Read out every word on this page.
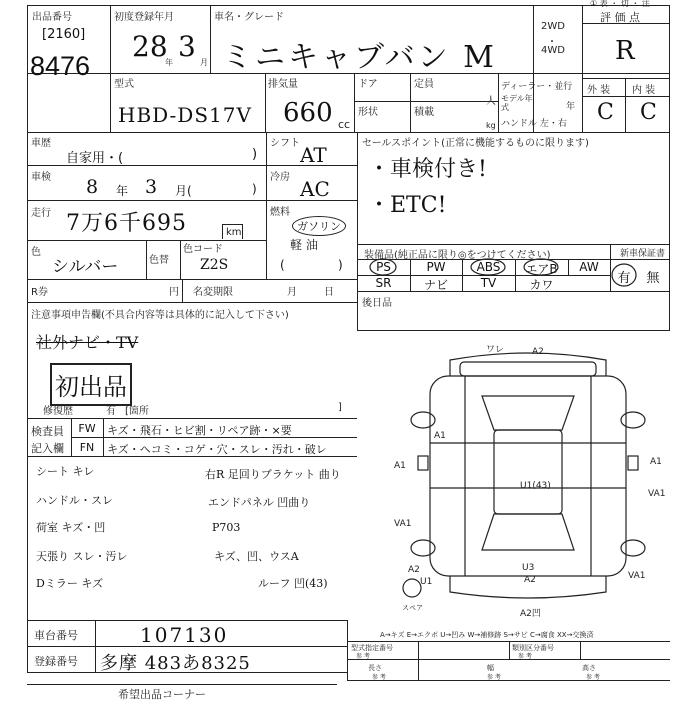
出品番号
[2160]
8476
初度登録年月
28
年 3 月
車名・グレード
ミニキャブバン M
2WD
・
4WD
① 表 ・ 切 ・ 注
評 価 点
R
外 装 内 装
C C
型式
HBD-DS17V
排気量
660 cc
ドア	定員
人
形状	積載
kg
ディーラー・並行
モデル年式	年
ハンドル 左・右
車歴
自家用・(	)
シフト AT
車検 8 年 3 月(	)
冷房 AC
走行 7万6千695	km
燃料
ガソリン
軽 油
(	)
色
シルバー	色替
色コード
Z2S
R券	円 名変期限	月	日
セールスポイント(正常に機能するものに限ります)
・車検付き!
・ETC!
装備品(純正品に限り◎をつけてください)	新車保証書
PS	PW	ABS	エアB	AW
SR	ナビ	TV	カワ	有	無
後日品
注意事項申告欄(不具合内容等は具体的に記入して下さい)
社外ナビ・TV
初出品
修復歴	有 [箇所	]
検査員
記入欄
FW	キズ・飛石・ヒビ割・リペア跡・×要
FN	キズ・ヘコミ・コゲ・穴・スレ・汚れ・破レ
シート キレ
ハンドル・スレ
荷室 キズ・凹
天張り スレ・汚レ
Dミラー キズ
右R 足回りブラケット 曲り
エンドパネル 凹曲り
P703
キズ、凹、ウスA
ルーフ 凹(43)
ワレ	A2
A1	A1
A1
VA1
VA1
U1(43)
A2	U3
A2
U1
VA1
A2凹
スペア
車台番号	107130
登録番号 多摩 483あ8325
A→キズ E→エクボ U→凹み W→補修跡 S→サビ C→腐食 XX→交換済
型式指定番号
参 考
類別区分番号
参 考
長さ	幅	高さ
参 考	参 考	参 考
希望出品コーナー
